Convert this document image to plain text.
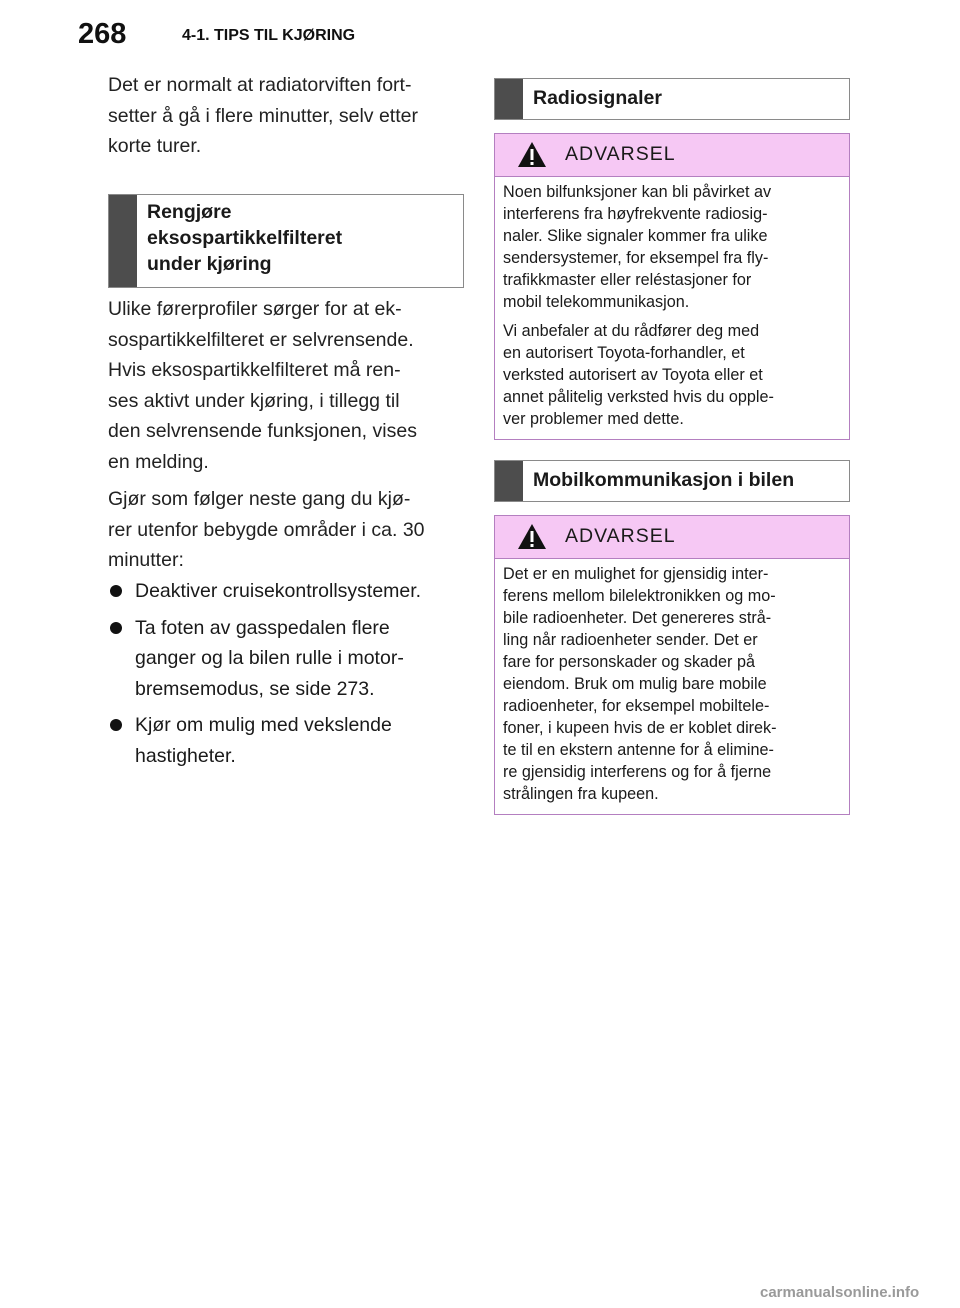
268	4-1. TIPS TIL KJØRING

Det er normalt at radiatorviften fort-
setter å gå i flere minutter, selv etter
korte turer.

Rengjøre
eksospartikkelfilteret
under kjøring

Ulike førerprofiler sørger for at ek-
sospartikkelfilteret er selvrensende.
Hvis eksospartikkelfilteret må ren-
ses aktivt under kjøring, i tillegg til
den selvrensende funksjonen, vises
en melding.

Gjør som følger neste gang du kjø-
rer utenfor bebygde områder i ca. 30
minutter:

Deaktiver cruisekontrollsystemer.
Ta foten av gasspedalen flere
ganger og la bilen rulle i motor-
bremsemodus, se side 273.
Kjør om mulig med vekslende
hastigheter.
Radiosignaler
ADVARSEL

Noen bilfunksjoner kan bli påvirket av
interferens fra høyfrekvente radiosig-
naler. Slike signaler kommer fra ulike
sendersystemer, for eksempel fra fly-
trafikkmaster eller reléstasjoner for
mobil telekommunikasjon.

Vi anbefaler at du rådfører deg med
en autorisert Toyota-forhandler, et
verksted autorisert av Toyota eller et
annet pålitelig verksted hvis du opple-
ver problemer med dette.

Mobilkommunikasjon i bilen
ADVARSEL

Det er en mulighet for gjensidig inter-
ferens mellom bilelektronikken og mo-
bile radioenheter. Det genereres strå-
ling når radioenheter sender. Det er
fare for personskader og skader på
eiendom. Bruk om mulig bare mobile
radioenheter, for eksempel mobiltele-
foner, i kupeen hvis de er koblet direk-
te til en ekstern antenne for å elimine-
re gjensidig interferens og for å fjerne
strålingen fra kupeen.

carmanualsonline.info
